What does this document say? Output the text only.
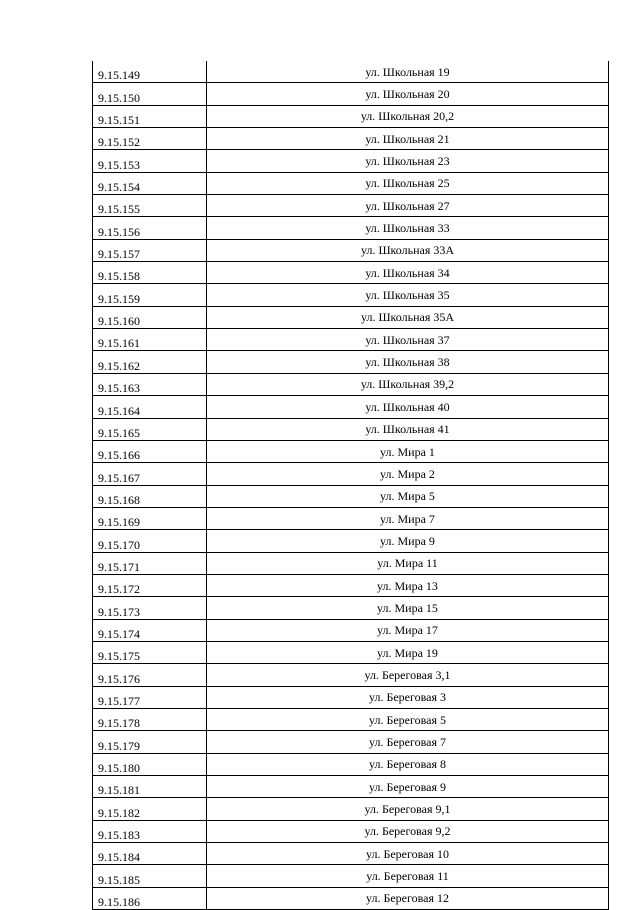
9.15.149	ул. Школьная 19
9.15.150	ул. Школьная 20
9.15.151	ул. Школьная 20,2
9.15.152	ул. Школьная 21
9.15.153	ул. Школьная 23
9.15.154	ул. Школьная 25
9.15.155	ул. Школьная 27
9.15.156	ул. Школьная 33
9.15.157	ул. Школьная 33А
9.15.158	ул. Школьная 34
9.15.159	ул. Школьная 35
9.15.160	ул. Школьная 35А
9.15.161	ул. Школьная 37
9.15.162	ул. Школьная 38
9.15.163	ул. Школьная 39,2
9.15.164	ул. Школьная 40
9.15.165	ул. Школьная 41
9.15.166	ул. Мира 1
9.15.167	ул. Мира 2
9.15.168	ул. Мира 5
9.15.169	ул. Мира 7
9.15.170	ул. Мира 9
9.15.171	ул. Мира 11
9.15.172	ул. Мира 13
9.15.173	ул. Мира 15
9.15.174	ул. Мира 17
9.15.175	ул. Мира 19
9.15.176	ул. Береговая 3,1
9.15.177	ул. Береговая 3
9.15.178	ул. Береговая 5
9.15.179	ул. Береговая 7
9.15.180	ул. Береговая 8
9.15.181	ул. Береговая 9
9.15.182	ул. Береговая 9,1
9.15.183	ул. Береговая 9,2
9.15.184	ул. Береговая 10
9.15.185	ул. Береговая 11
9.15.186	ул. Береговая 12
